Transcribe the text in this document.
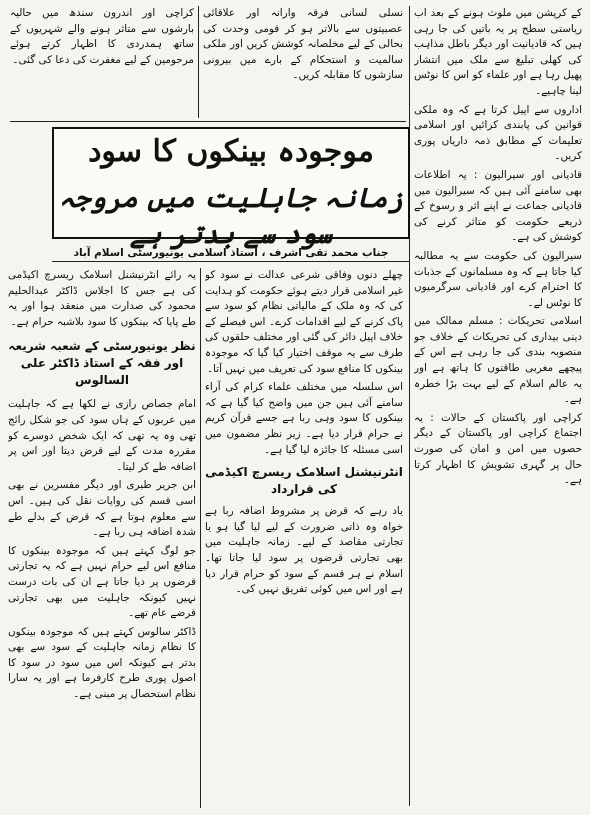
کے کرپشن میں ملوث ہونے کے بعد اب ریاستی سطح پر یہ باتیں کی جا رہی ہیں کہ قادیانیت اور دیگر باطل مذاہب کی کھلی تبلیغ سے ملک میں انتشار پھیل رہا ہے اور علماء کو اس کا نوٹس لینا چاہیے۔

اداروں سے اپیل کرتا ہے کہ وہ ملکی قوانین کی پابندی کرائیں اور اسلامی تعلیمات کے مطابق ذمہ داریاں پوری کریں۔

قادیانی اور سیرالیون : یہ اطلاعات بھی سامنے آئی ہیں کہ سیرالیون میں قادیانی جماعت نے اپنے اثر و رسوخ کے ذریعے حکومت کو متاثر کرنے کی کوشش کی ہے۔

سیرالیون کی حکومت سے یہ مطالبہ کیا جاتا ہے کہ وہ مسلمانوں کے جذبات کا احترام کرے اور قادیانی سرگرمیوں کا نوٹس لے۔

اسلامی تحریکات : مسلم ممالک میں دینی بیداری کی تحریکات کے خلاف جو منصوبہ بندی کی جا رہی ہے اس کے پیچھے مغربی طاقتوں کا ہاتھ ہے اور یہ عالم اسلام کے لیے بہت بڑا خطرہ ہے۔

کراچی اور پاکستان کے حالات : یہ اجتماع کراچی اور پاکستان کے دیگر حصوں میں امن و امان کی صورت حال پر گہری تشویش کا اظہار کرتا ہے۔

نسلی لسانی فرقہ وارانہ اور علاقائی عصبیتوں سے بالاتر ہو کر قومی وحدت کی بحالی کے لیے مخلصانہ کوشش کریں اور ملکی سالمیت و استحکام کے بارے میں بیرونی سازشوں کا مقابلہ کریں۔

کراچی اور اندرون سندھ میں حالیہ بارشوں سے متاثر ہونے والے شہریوں کے ساتھ ہمدردی کا اظہار کرتے ہوئے مرحومین کے لیے مغفرت کی دعا کی گئی۔

موجودہ بینکوں کا سود
زمانہ جاہلیت میں مروجہ سود سے بدتر ہے
جناب محمد تقی اشرف ، استاذ اسلامی یونیورسٹی اسلام آباد

چھلے دنوں وفاقی شرعی عدالت نے سود کو غیر اسلامی قرار دیتے ہوئے حکومت کو ہدایت کی کہ وہ ملک کے مالیاتی نظام کو سود سے پاک کرنے کے لیے اقدامات کرے۔ اس فیصلے کے خلاف اپیل دائر کی گئی اور مختلف حلقوں کی طرف سے یہ موقف اختیار کیا گیا کہ موجودہ بینکوں کا منافع سود کی تعریف میں نہیں آتا۔

اس سلسلہ میں مختلف علماء کرام کی آراء سامنے آئی ہیں جن میں واضح کیا گیا ہے کہ بینکوں کا سود وہی ربا ہے جسے قرآن کریم نے حرام قرار دیا ہے۔ زیر نظر مضمون میں اسی مسئلہ کا جائزہ لیا گیا ہے۔

انٹرنیشنل اسلامک ریسرچ اکیڈمی کی قرارداد

یاد رہے کہ قرض پر مشروط اضافہ ربا ہے خواہ وہ ذاتی ضرورت کے لیے لیا گیا ہو یا تجارتی مقاصد کے لیے۔ زمانہ جاہلیت میں بھی تجارتی قرضوں پر سود لیا جاتا تھا۔ اسلام نے ہر قسم کے سود کو حرام قرار دیا ہے اور اس میں کوئی تفریق نہیں کی۔

یہ رائے انٹرنیشنل اسلامک ریسرچ اکیڈمی کی ہے جس کا اجلاس ڈاکٹر عبدالحلیم محمود کی صدارت میں منعقد ہوا اور یہ طے پایا کہ بینکوں کا سود بلاشبہ حرام ہے۔

نظر یونیورسٹی کے شعبہ شریعہ اور فقہ کے استاذ ڈاکٹر علی السالوس

امام جصاص رازی نے لکھا ہے کہ جاہلیت میں عربوں کے ہاں سود کی جو شکل رائج تھی وہ یہ تھی کہ ایک شخص دوسرے کو مقررہ مدت کے لیے قرض دیتا اور اس پر اضافہ طے کر لیتا۔

ابن جریر طبری اور دیگر مفسرین نے بھی اسی قسم کی روایات نقل کی ہیں۔ اس سے معلوم ہوتا ہے کہ قرض کے بدلے طے شدہ اضافہ ہی ربا ہے۔

جو لوگ کہتے ہیں کہ موجودہ بینکوں کا منافع اس لیے حرام نہیں ہے کہ یہ تجارتی قرضوں پر دیا جاتا ہے ان کی بات درست نہیں کیونکہ جاہلیت میں بھی تجارتی قرضے عام تھے۔

ڈاکٹر سالوس کہتے ہیں کہ موجودہ بینکوں کا نظام زمانہ جاہلیت کے سود سے بھی بدتر ہے کیونکہ اس میں سود در سود کا اصول پوری طرح کارفرما ہے اور یہ سارا نظام استحصال پر مبنی ہے۔
